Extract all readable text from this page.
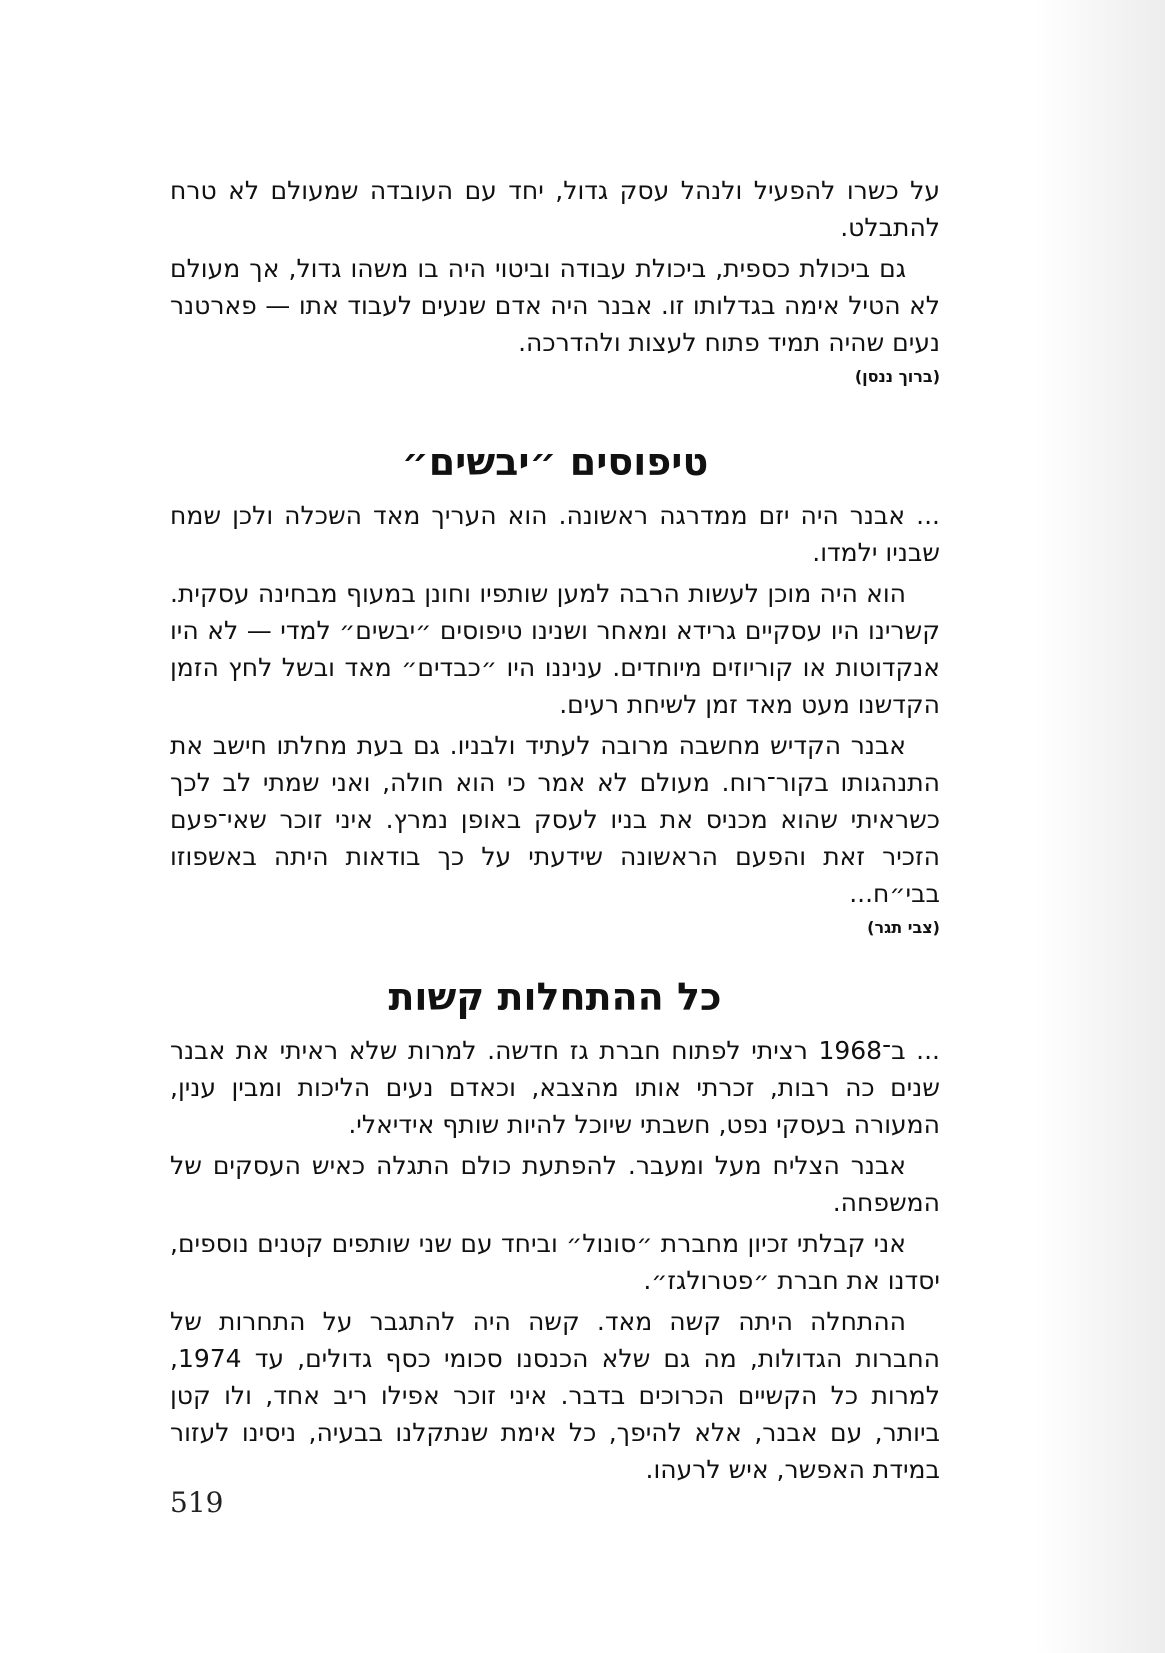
על כשרו להפעיל ולנהל עסק גדול, יחד עם העובדה שמעולם לא טרח להתבלט.

גם ביכולת כספית, ביכולת עבודה וביטוי היה בו משהו גדול, אך מעולם לא הטיל אימה בגדלותו זו. אבנר היה אדם שנעים לעבוד אתו — פארטנר נעים שהיה תמיד פתוח לעצות ולהדרכה.

(ברוך ננסן)

טיפוסים ״יבשים״

... אבנר היה יזם ממדרגה ראשונה. הוא העריך מאד השכלה ולכן שמח שבניו ילמדו.

הוא היה מוכן לעשות הרבה למען שותפיו וחונן במעוף מבחינה עסקית. קשרינו היו עסקיים גרידא ומאחר ושנינו טיפוסים ״יבשים״ למדי — לא היו אנקדוטות או קוריוזים מיוחדים. עניננו היו ״כבדים״ מאד ובשל לחץ הזמן הקדשנו מעט מאד זמן לשיחת רעים.

אבנר הקדיש מחשבה מרובה לעתיד ולבניו. גם בעת מחלתו חישב את התנהגותו בקור־רוח. מעולם לא אמר כי הוא חולה, ואני שמתי לב לכך כשראיתי שהוא מכניס את בניו לעסק באופן נמרץ. איני זוכר שאי־פעם הזכיר זאת והפעם הראשונה שידעתי על כך בודאות היתה באשפוזו בבי״ח...

(צבי תגר)

כל ההתחלות קשות

... ב־1968 רציתי לפתוח חברת גז חדשה. למרות שלא ראיתי את אבנר שנים כה רבות, זכרתי אותו מהצבא, וכאדם נעים הליכות ומבין ענין, המעורה בעסקי נפט, חשבתי שיוכל להיות שותף אידיאלי.

אבנר הצליח מעל ומעבר. להפתעת כולם התגלה כאיש העסקים של המשפחה.

אני קבלתי זכיון מחברת ״סונול״ וביחד עם שני שותפים קטנים נוספים, יסדנו את חברת ״פטרולגז״.

ההתחלה היתה קשה מאד. קשה היה להתגבר על התחרות של החברות הגדולות, מה גם שלא הכנסנו סכומי כסף גדולים, עד 1974, למרות כל הקשיים הכרוכים בדבר. איני זוכר אפילו ריב אחד, ולו קטן ביותר, עם אבנר, אלא להיפך, כל אימת שנתקלנו בבעיה, ניסינו לעזור במידת האפשר, איש לרעהו.

519
